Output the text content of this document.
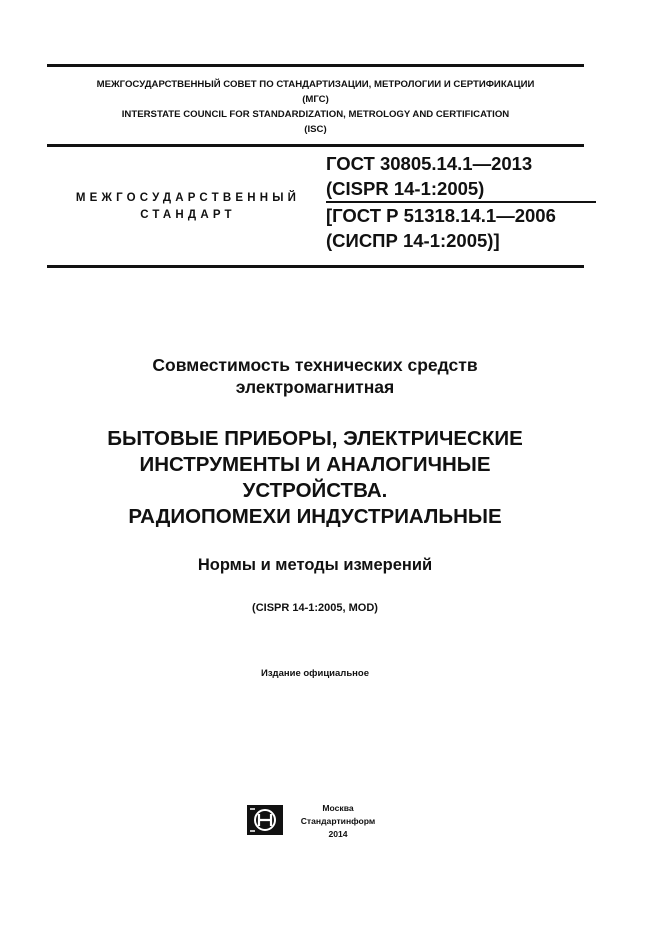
МЕЖГОСУДАРСТВЕННЫЙ СОВЕТ ПО СТАНДАРТИЗАЦИИ, МЕТРОЛОГИИ И СЕРТИФИКАЦИИ
(МГС)
INTERSTATE COUNCIL FOR STANDARDIZATION, METROLOGY AND CERTIFICATION
(ISC)
МЕЖГОСУДАРСТВЕННЫЙ
СТАНДАРТ
ГОСТ 30805.14.1—2013
(CISPR 14-1:2005)
[ГОСТ Р 51318.14.1—2006
(СИСПР 14-1:2005)]
Совместимость технических средств
электромагнитная
БЫТОВЫЕ ПРИБОРЫ, ЭЛЕКТРИЧЕСКИЕ
ИНСТРУМЕНТЫ И АНАЛОГИЧНЫЕ
УСТРОЙСТВА.
РАДИОПОМЕХИ ИНДУСТРИАЛЬНЫЕ
Нормы и методы измерений
(CISPR 14-1:2005, MOD)
Издание официальное
Москва
Стандартинформ
2014
